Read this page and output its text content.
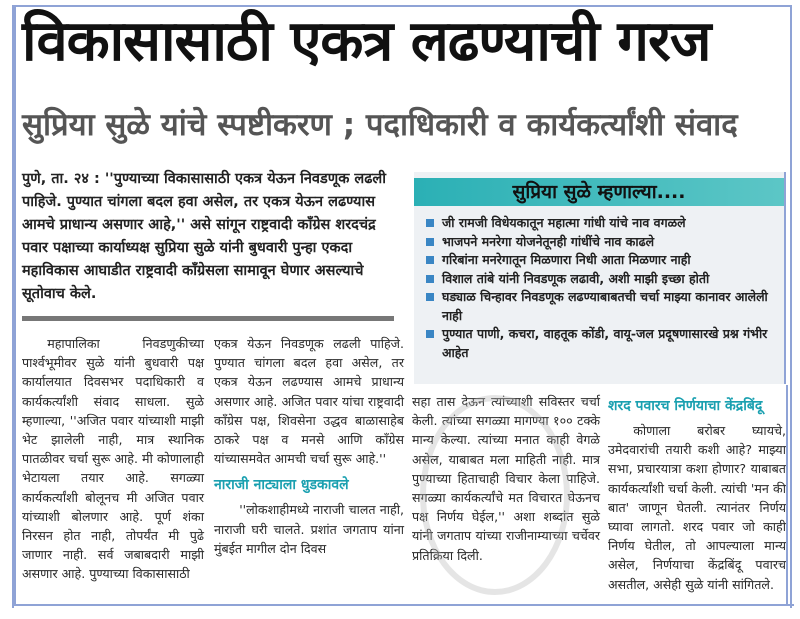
विकासासाठी एकत्र लढण्याची गरज
सुप्रिया सुळे यांचे स्पष्टीकरण ; पदाधिकारी व कार्यकर्त्यांशी संवाद

पुणे, ता. २४ : ''पुण्याच्या विकासासाठी एकत्र येऊन निवडणूक लढली पाहिजे. पुण्यात चांगला बदल हवा असेल, तर एकत्र येऊन लढण्यास आमचे प्राधान्य असणार आहे,'' असे सांगून राष्ट्रवादी काँग्रेस शरदचंद्र पवार पक्षाच्या कार्याध्यक्ष सुप्रिया सुळे यांनी बुधवारी पुन्हा एकदा महाविकास आघाडीत राष्ट्रवादी काँग्रेसला सामावून घेणार असल्याचे सूतोवाच केले.

सुप्रिया सुळे म्हणाल्या....
जी रामजी विधेयकातून महात्मा गांधी यांचे नाव वगळले
भाजपने मनरेगा योजनेतूनही गांधींचे नाव काढले
गरिबांना मनरेगातून मिळणारा निधी आता मिळणार नाही
विशाल तांबे यांनी निवडणूक लढावी, अशी माझी इच्छा होती
घड्याळ चिन्हावर निवडणूक लढण्याबाबतची चर्चा माझ्या कानावर आलेली नाही
पुण्यात पाणी, कचरा, वाहतूक कोंडी, वायू-जल प्रदूषणासारखे प्रश्न गंभीर आहेत

महापालिका निवडणुकीच्या पार्श्वभूमीवर सुळे यांनी बुधवारी पक्ष कार्यालयात दिवसभर पदाधिकारी व कार्यकर्त्यांशी संवाद साधला. सुळे म्हणाल्या, ''अजित पवार यांच्याशी माझी भेट झालेली नाही, मात्र स्थानिक पातळीवर चर्चा सुरू आहे. मी कोणालाही भेटायला तयार आहे. सगळ्या कार्यकर्त्यांशी बोलूनच मी अजित पवार यांच्याशी बोलणार आहे. पूर्ण शंका निरसन होत नाही, तोपर्यंत मी पुढे जाणार नाही. सर्व जबाबदारी माझी असणार आहे. पुण्याच्या विकासासाठी

एकत्र येऊन निवडणूक लढली पाहिजे. पुण्यात चांगला बदल हवा असेल, तर एकत्र येऊन लढण्यास आमचे प्राधान्य असणार आहे. अजित पवार यांचा राष्ट्रवादी काँग्रेस पक्ष, शिवसेना उद्धव बाळासाहेब ठाकरे पक्ष व मनसे आणि काँग्रेस यांच्यासमवेत आमची चर्चा सुरू आहे.''

नाराजी नाट्याला धुडकावले

''लोकशाहीमध्ये नाराजी चालत नाही, नाराजी घरी चालते. प्रशांत जगताप यांना मुंबईत मागील दोन दिवस

सहा तास देऊन त्यांच्याशी सविस्तर चर्चा केली. त्यांच्या सगळ्या मागण्या १०० टक्के मान्य केल्या. त्यांच्या मनात काही वेगळे असेल, याबाबत मला माहिती नाही. मात्र पुण्याच्या हिताचाही विचार केला पाहिजे. सगळ्या कार्यकर्त्यांचे मत विचारत घेऊनच पक्ष निर्णय घेईल,'' अशा शब्दांत सुळे यांनी जगताप यांच्या राजीनाम्याच्या चर्चेवर प्रतिक्रिया दिली.

शरद पवारच निर्णयाचा केंद्रबिंदू

कोणाला बरोबर घ्यायचे, उमेदवारांची तयारी कशी आहे? माझ्या सभा, प्रचारयात्रा कशा होणार? याबाबत कार्यकर्त्यांशी चर्चा केली. त्यांची 'मन की बात' जाणून घेतली. त्यानंतर निर्णय घ्यावा लागतो. शरद पवार जो काही निर्णय घेतील, तो आपल्याला मान्य असेल, निर्णयाचा केंद्रबिंदू पवारच असतील, असेही सुळे यांनी सांगितले.
